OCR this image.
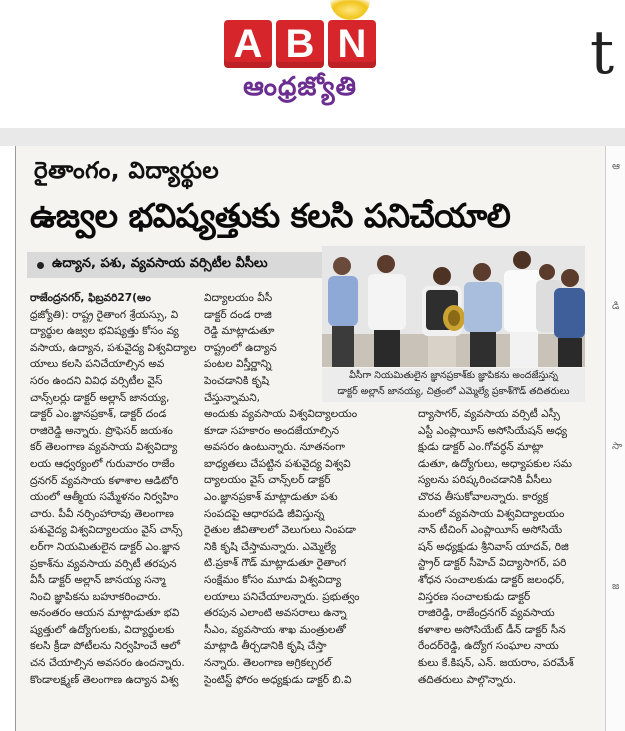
A B N
ఆంధ్రజ్యోతి	t
రైతాంగం, విద్యార్థుల
ఉజ్వల భవిష్యత్తుకు కలసి పనిచేయాలి
ఉద్యాన, పశు, వ్యవసాయ వర్సిటీల వీసీలు
వీసీగా నియమితులైన జ్ఞానప్రకాశ్‌కు జ్ఞాపికను అందజేస్తున్న
డాక్టర్ అల్లాన్ జానయ్య, చిత్రంలో ఎమ్మెల్యే ప్రకాశ్‌గౌడ్ తదితరులు
రాజేంద్రనగర్, ఫిబ్రవరి27(ఆం
ధ్రజ్యోతి): రాష్ట్ర రైతాంగ శ్రేయస్సు, వి
ద్యార్థుల ఉజ్వల భవిష్యత్తు కోసం వ్య
వసాయ, ఉద్యాన, పశువైద్య విశ్వవిద్యాల
యాలు కలసి పనిచేయాల్సిన అవ
సరం ఉందని వివిధ వర్సిటీల వైస్
చాన్స్‌లర్లు డాక్టర్ అల్లాన్ జానయ్య,
డాక్టర్ ఎం.జ్ఞానప్రకాశ్, డాక్టర్ దండ
రాజిరెడ్డి అన్నారు. ప్రొఫెసర్ జయశం
కర్ తెలంగాణ వ్యవసాయ విశ్వవిద్యా
లయ ఆధ్వర్యంలో గురువారం రాజేం
ద్రనగర్ వ్యవసాయ కళాశాల ఆడిటోరి
యంలో ఆత్మీయ సమ్మేళనం నిర్వహిం
చారు. పీవీ నర్సింహారావు తెలంగాణ
పశువైద్య విశ్వవిద్యాలయం వైస్ చాన్స్
లర్‌గా నియమితులైన డాక్టర్ ఎం.జ్ఞాన
ప్రకాశ్‌ను వ్యవసాయ వర్సిటీ తరపున
వీసీ డాక్టర్ అల్లాన్ జానయ్య సన్మా
నించి జ్ఞాపికను బహూకరించారు.
అనంతరం ఆయన మాట్లాడుతూ భవి
ష్యత్తులో ఉద్యోగులకు, విద్యార్థులకు
కలసి క్రీడా పోటీలను నిర్వహించే ఆలో
చన చేయాల్సిన అవసరం ఉందన్నారు.
కొండాలక్ష్మణ్ తెలంగాణ ఉద్యాన విశ్వ
విద్యాలయం వీసీ
డాక్టర్ దండ రాజి
రెడ్డి మాట్లాడుతూ
రాష్ట్రంలో ఉద్యాన
పంటల విస్తీర్ణాన్ని
పెంచడానికి కృషి
చేస్తున్నామని,
అందుకు వ్యవసాయ విశ్వవిద్యాలయం
కూడా సహకారం అందజేయాల్సిన
అవసరం ఉంటున్నారు. నూతనంగా
బాధ్యతలు చేపట్టిన పశువైద్య విశ్వవి
ద్యాలయం వైస్ చాన్స్‌లర్ డాక్టర్
ఎం.జ్ఞానప్రకాశ్ మాట్లాడుతూ పశు
సంపదపై ఆధారపడి జీవిస్తున్న
రైతుల జీవితాలలో వెలుగులు నింపడా
నికి కృషి చేస్తామన్నారు. ఎమ్మెల్యే
టి.ప్రకాశ్ గౌడ్ మాట్లాడుతూ రైతాంగ
సంక్షేమం కోసం మూడు విశ్వవిద్యా
లయాలు పనిచేయాలన్నారు. ప్రభుత్వం
తరపున ఎలాంటి అవసరాలు ఉన్నా
సీఎం, వ్యవసాయ శాఖ మంత్రులతో
మాట్లాడి తీర్చడానికి కృషి చేస్తా
నన్నారు. తెలంగాణ అగ్రికల్చరల్
సైంటిస్ట్ ఫోరం అధ్యక్షుడు డాక్టర్ బి.వి
ద్యాసాగర్, వ్యవసాయ వర్సిటీ ఎస్సీ
ఎస్టీ ఎంప్లాయీస్ అసోసియేషన్ అధ్య
క్షుడు డాక్టర్ ఎం.గోవర్ధన్ మాట్లా
డుతూ, ఉద్యోగులు, అధ్యాపకుల సమ
స్యలను పరిష్కరించడానికి వీసీలు
చొరవ తీసుకోవాలన్నారు. కార్యక్ర
మంలో వ్యవసాయ విశ్వవిద్యాలయం
నాన్ టీచింగ్ ఎంప్లాయీస్ అసోసియే
షన్ అధ్యక్షుడు శ్రీనివాస్ యాదవ్, రిజి
స్ట్రార్ డాక్టర్ సీహెచ్ విద్యాసాగర్, పరి
శోధన సంచాలకుడు డాక్టర్ జలంధర్,
విస్తరణ సంచాలకుడు డాక్టర్
రాజిరెడ్డి, రాజేంద్రనగర్ వ్యవసాయ
కళాశాల అసోసియేట్ డీన్ డాక్టర్ సీన
రేందర్‌రెడ్డి, ఉద్యోగ సంఘాల నాయ
కులు కే.కిషన్, ఎన్. జయరాం, పరమేశ్
తదితరులు పాల్గొన్నారు.
ఆ
డి
సా
జ
